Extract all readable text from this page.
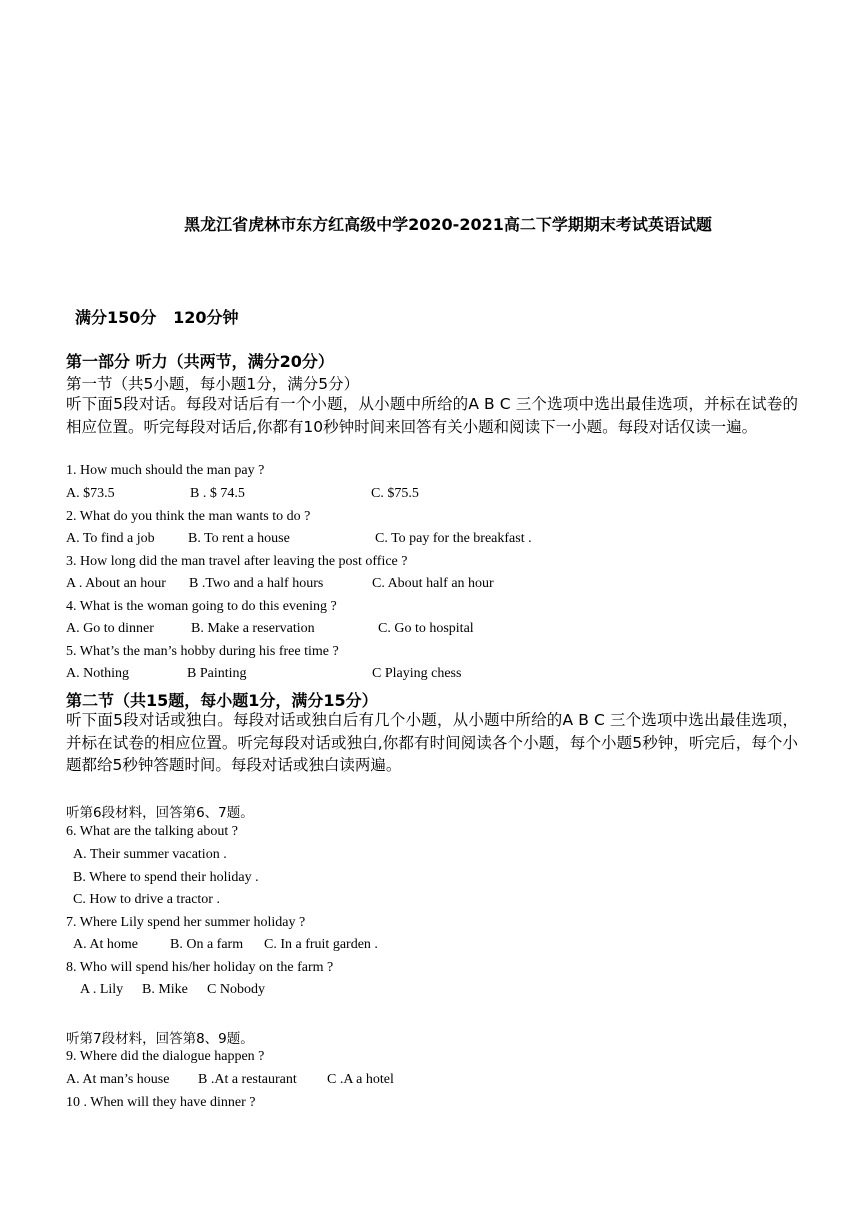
黑龙江省虎林市东方红高级中学2020-2021高二下学期期末考试英语试题
满分150分   120分钟
第一部分 听力（共两节，满分20分）
第一节（共5小题，每小题1分，满分5分）
听下面5段对话。每段对话后有一个小题，从小题中所给的A B C 三个选项中选出最佳选项，并标在试卷的相应位置。听完每段对话后,你都有10秒钟时间来回答有关小题和阅读下一小题。每段对话仅读一遍。
1. How much should the man pay ?
A. $73.5	B . $ 74.5	C. $75.5
2. What do you think the man wants to do ?
A. To find a job B. To rent a house	C. To pay for the breakfast .
3. How long did the man travel after leaving the post office ?
A . About an hour B .Two and a half hours	C. About half an hour
4. What is the woman going to do this evening ?
A. Go to dinner	B. Make a reservation	C. Go to hospital
5. What’s the man’s hobby during his free time ?
A. Nothing	B Painting	C Playing chess
第二节（共15题，每小题1分，满分15分）
听下面5段对话或独白。每段对话或独白后有几个小题，从小题中所给的A B C 三个选项中选出最佳选项，并标在试卷的相应位置。听完每段对话或独白,你都有时间阅读各个小题，每个小题5秒钟，听完后，每个小题都给5秒钟答题时间。每段对话或独白读两遍。
听第6段材料，回答第6、7题。
6. What are the talking about ?
A. Their summer vacation .
B. Where to spend their holiday .
C. How to drive a tractor .
7. Where Lily spend her summer holiday ?
A. At home B. On a farm C. In a fruit garden .
8. Who will spend his/her holiday on the farm ?
A . Lily B. Mike C Nobody
听第7段材料，回答第8、9题。
9. Where did the dialogue happen ?
A. At man’s house B .At a restaurant C .A a hotel
10 . When will they have dinner ?
